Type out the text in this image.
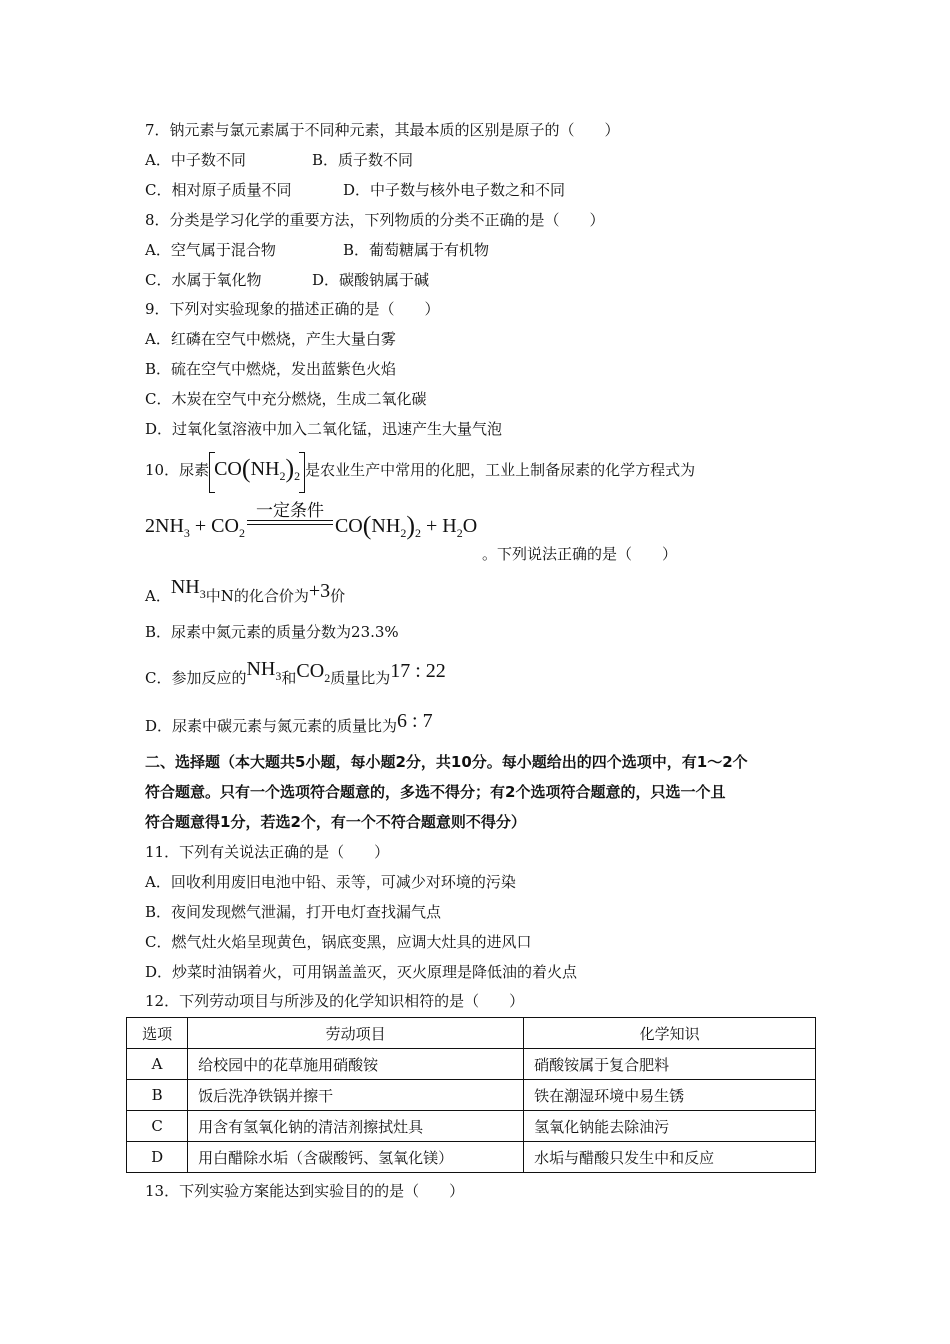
7．钠元素与氯元素属于不同种元素，其最本质的区别是原子的（　　）
A．中子数不同	B．质子数不同
C．相对原子质量不同	D．中子数与核外电子数之和不同
8．分类是学习化学的重要方法，下列物质的分类不正确的是（　　）
A．空气属于混合物	B．葡萄糖属于有机物
C．水属于氧化物	D．碳酸钠属于碱
9．下列对实验现象的描述正确的是（　　）
A．红磷在空气中燃烧，产生大量白雾
B．硫在空气中燃烧，发出蓝紫色火焰
C．木炭在空气中充分燃烧，生成二氧化碳
D．过氧化氢溶液中加入二氧化锰，迅速产生大量气泡
10．尿素 $CO(NH_2)_2$ 是农业生产中常用的化肥，工业上制备尿素的化学方程式为
$2NH_3 + CO_2$
一定条件
$CO(NH_2)_2 + H_2O$
。下列说法正确的是（　　）
A．$NH_3$中N的化合价为+3价
B．尿素中氮元素的质量分数为23.3%
C．参加反应的$NH_3$和$CO_2$质量比为17 : 22
D．尿素中碳元素与氮元素的质量比为6 : 7
二、选择题（本大题共5小题，每小题2分，共10分。每小题给出的四个选项中，有1～2个
符合题意。只有一个选项符合题意的，多选不得分；有2个选项符合题意的，只选一个且
符合题意得1分，若选2个，有一个不符合题意则不得分）
11．下列有关说法正确的是（　　）
A．回收利用废旧电池中铅、汞等，可减少对环境的污染
B．夜间发现燃气泄漏，打开电灯查找漏气点
C．燃气灶火焰呈现黄色，锅底变黑，应调大灶具的进风口
D．炒菜时油锅着火，可用锅盖盖灭，灭火原理是降低油的着火点
12．下列劳动项目与所涉及的化学知识相符的是（　　）
选项	劳动项目	化学知识
A	给校园中的花草施用硝酸铵	硝酸铵属于复合肥料
B	饭后洗净铁锅并擦干	铁在潮湿环境中易生锈
C	用含有氢氧化钠的清洁剂擦拭灶具	氢氧化钠能去除油污
D	用白醋除水垢（含碳酸钙、氢氧化镁）	水垢与醋酸只发生中和反应
13．下列实验方案能达到实验目的的是（　　）
